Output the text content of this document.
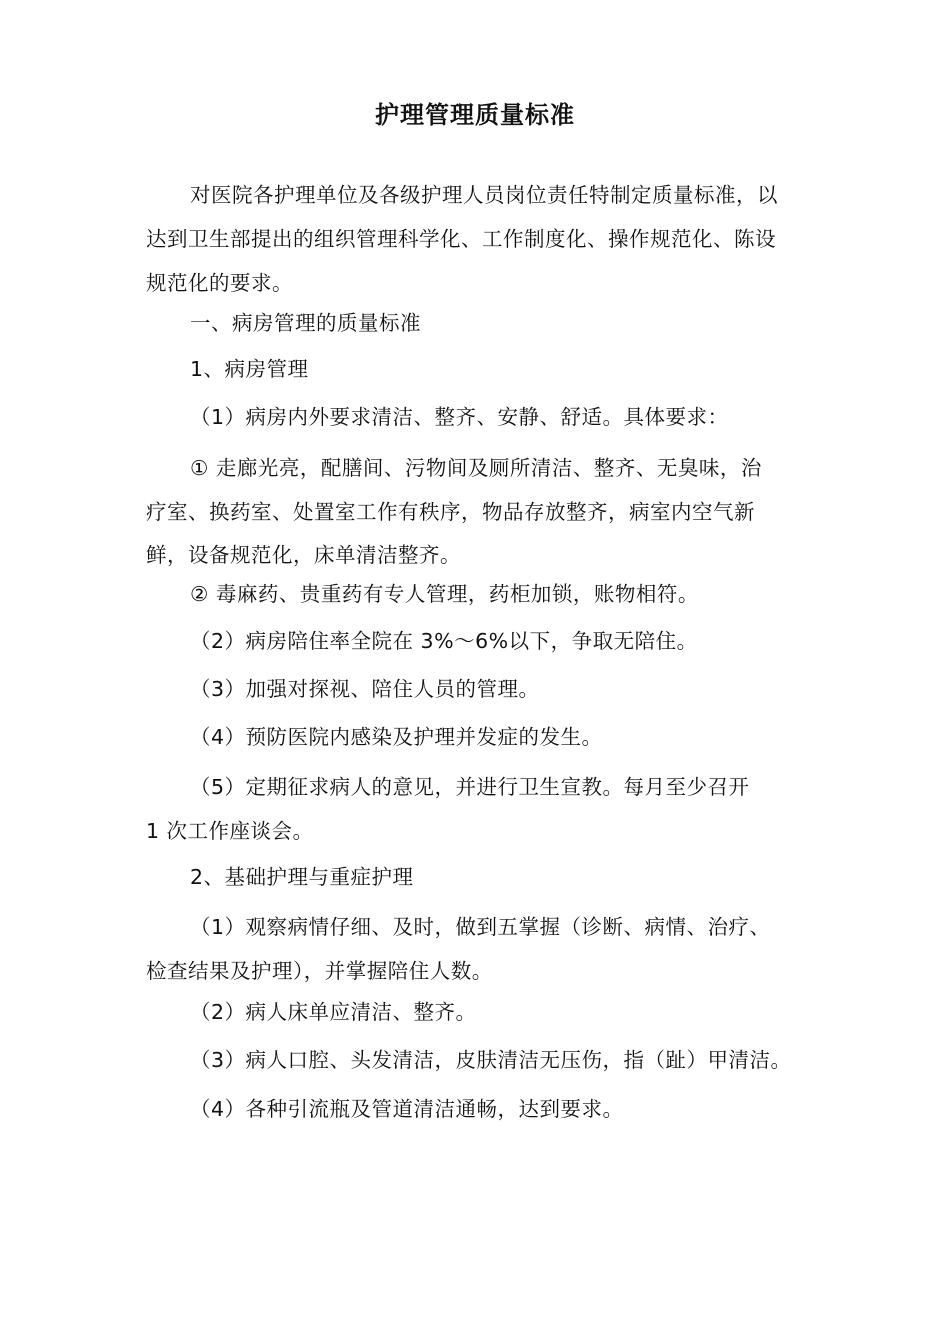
护理管理质量标准
对医院各护理单位及各级护理人员岗位责任特制定质量标准，以
达到卫生部提出的组织管理科学化、工作制度化、操作规范化、陈设
规范化的要求。
一、病房管理的质量标准
1、病房管理
（1）病房内外要求清洁、整齐、安静、舒适。具体要求：
① 走廊光亮，配膳间、污物间及厕所清洁、整齐、无臭味，治
疗室、换药室、处置室工作有秩序，物品存放整齐，病室内空气新
鲜，设备规范化，床单清洁整齐。
② 毒麻药、贵重药有专人管理，药柜加锁，账物相符。
（2）病房陪住率全院在 3%～6%以下，争取无陪住。
（3）加强对探视、陪住人员的管理。
（4）预防医院内感染及护理并发症的发生。
（5）定期征求病人的意见，并进行卫生宣教。每月至少召开
1 次工作座谈会。
2、基础护理与重症护理
（1）观察病情仔细、及时，做到五掌握（诊断、病情、治疗、
检查结果及护理），并掌握陪住人数。
（2）病人床单应清洁、整齐。
（3）病人口腔、头发清洁，皮肤清洁无压伤，指（趾）甲清洁。
（4）各种引流瓶及管道清洁通畅，达到要求。
